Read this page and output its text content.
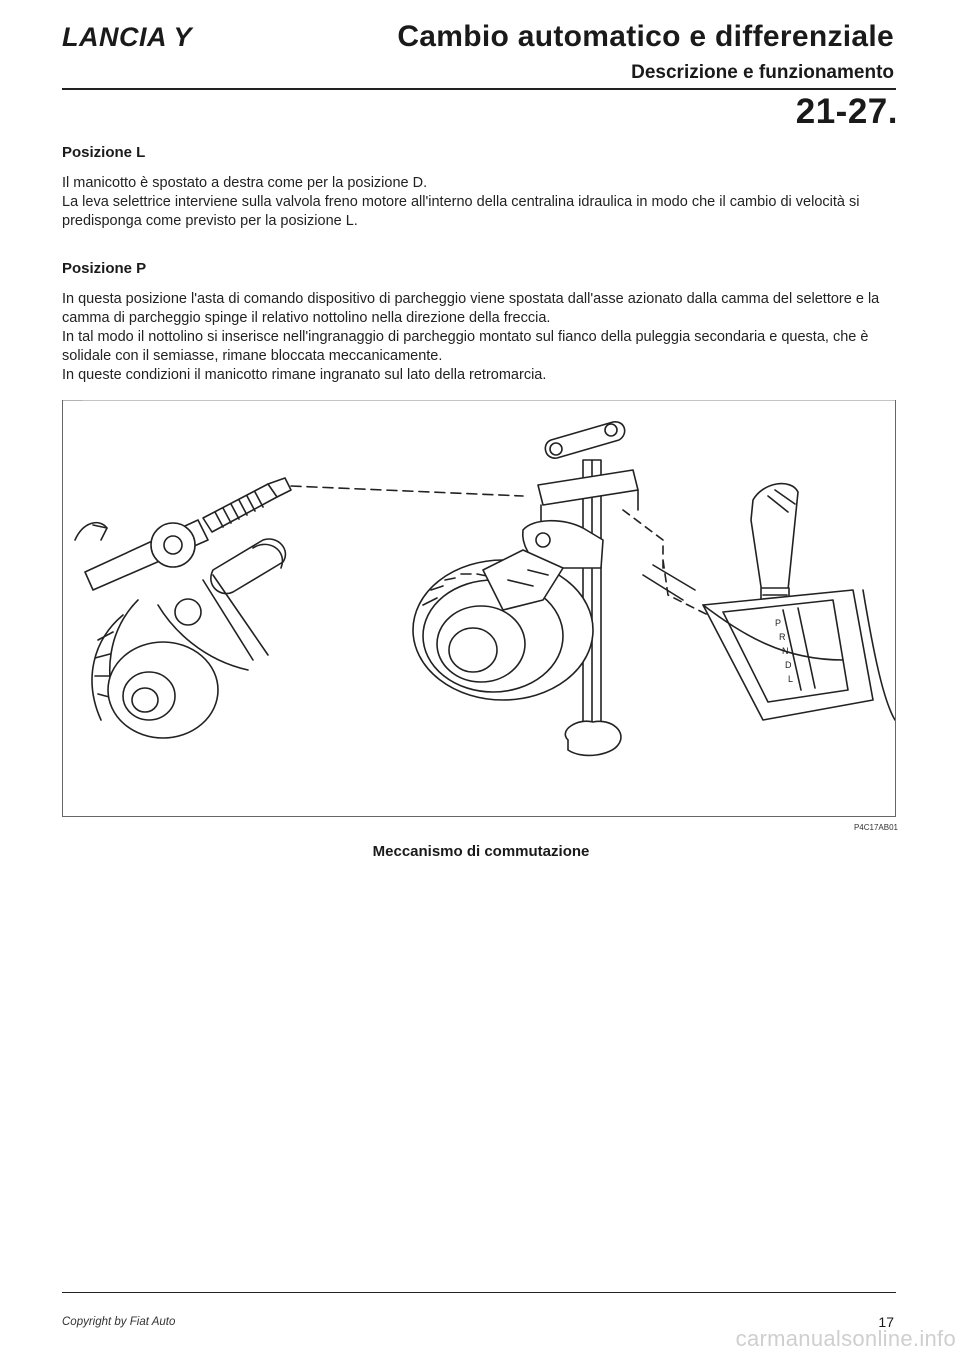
LANCIA Y	Cambio automatico e differenziale
Descrizione e funzionamento
21-27.
Posizione L

Il manicotto è spostato a destra come per la posizione D.

La leva selettrice interviene sulla valvola freno motore all'interno della centralina idraulica in modo che il cambio di velocità si predisponga come previsto per la posizione L.

Posizione P

In questa posizione l'asta di comando dispositivo di parcheggio viene spostata dall'asse azionato dalla camma del selettore e la camma di parcheggio spinge il relativo nottolino nella direzione della freccia.

In tal modo il nottolino si inserisce nell'ingranaggio di parcheggio montato sul fianco della puleggia secondaria e questa, che è solidale con il semiasse, rimane bloccata meccanicamente.

In queste condizioni il manicotto rimane ingranato sul lato della retromarcia.

P
R
N
D
L
P4C17AB01
Meccanismo di commutazione
Copyright by Fiat Auto	17
carmanualsonline.info
